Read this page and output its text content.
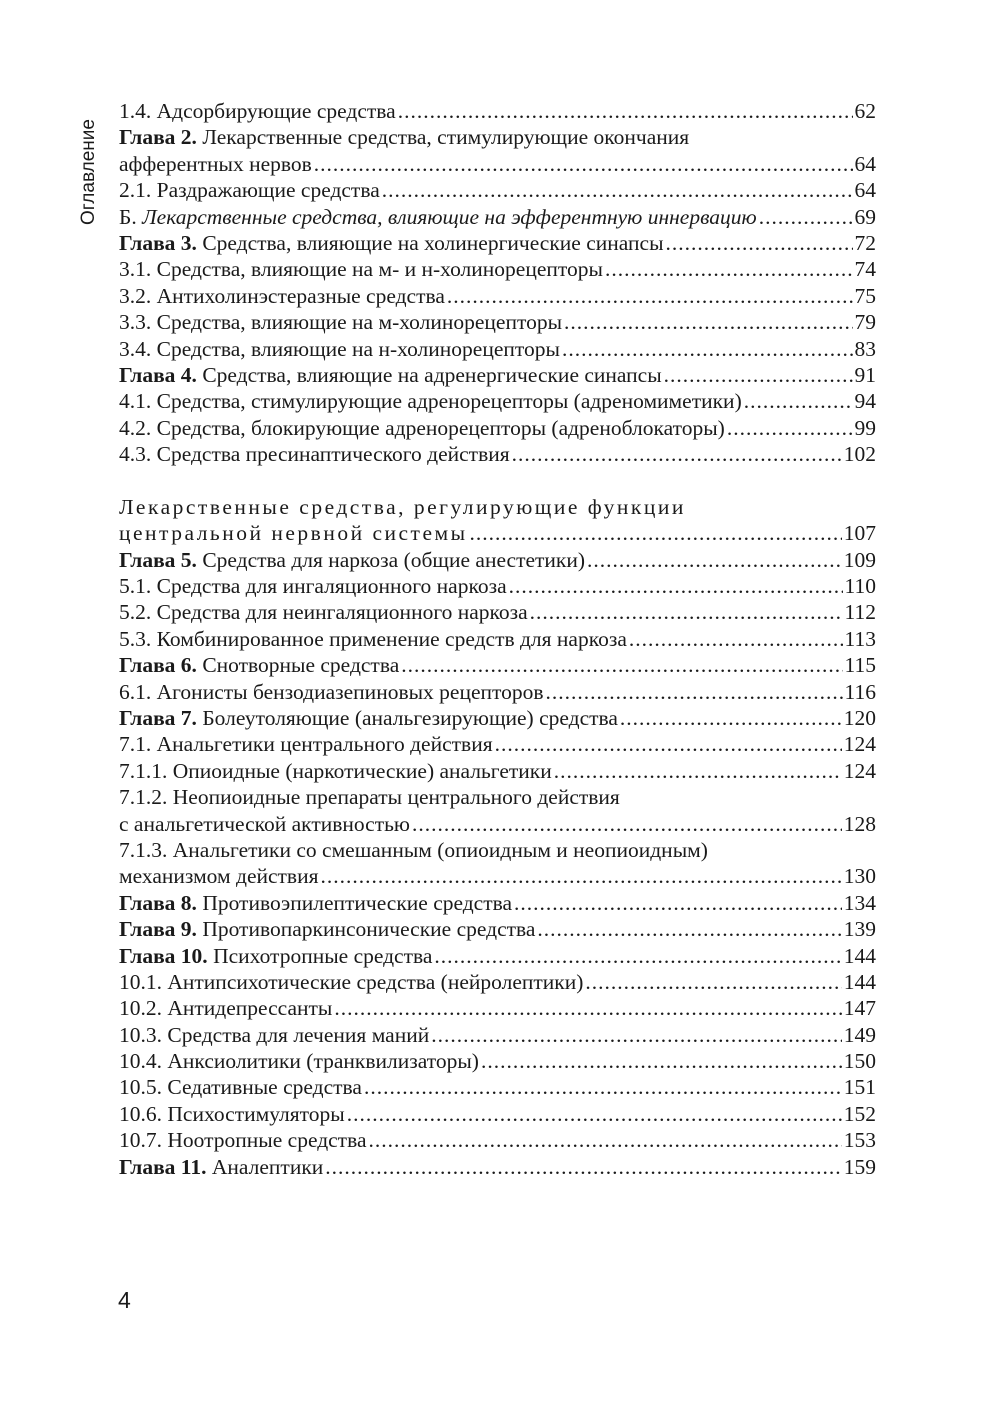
Оглавление
1.4. Адсорбирующие средства .....	62
Глава 2. Лекарственные средства, стимулирующие окончания
афферентных нервов .....	64
2.1. Раздражающие средства .....	64
Б. Лекарственные средства, влияющие на эфферентную иннервацию .....	69
Глава 3. Средства, влияющие на холинергические синапсы .....	72
3.1. Средства, влияющие на м- и н-холинорецепторы .....	74
3.2. Антихолинэстеразные средства .....	75
3.3. Средства, влияющие на м-холинорецепторы .....	79
3.4. Средства, влияющие на н-холинорецепторы .....	83
Глава 4. Средства, влияющие на адренергические синапсы .....	91
4.1. Средства, стимулирующие адренорецепторы (адреномиметики) .....	94
4.2. Средства, блокирующие адренорецепторы (адреноблокаторы) .....	99
4.3. Средства пресинаптического действия .....	102
Лекарственные средства, регулирующие функции
центральной нервной системы .....	107
Глава 5. Средства для наркоза (общие анестетики) .....	109
5.1. Средства для ингаляционного наркоза .....	110
5.2. Средства для неингаляционного наркоза .....	112
5.3. Комбинированное применение средств для наркоза .....	113
Глава 6. Снотворные средства .....	115
6.1. Агонисты бензодиазепиновых рецепторов .....	116
Глава 7. Болеутоляющие (анальгезирующие) средства .....	120
7.1. Анальгетики центрального действия .....	124
7.1.1. Опиоидные (наркотические) анальгетики .....	124
7.1.2. Неопиоидные препараты центрального действия
с анальгетической активностью .....	128
7.1.3. Анальгетики со смешанным (опиоидным и неопиоидным)
механизмом действия .....	130
Глава 8. Противоэпилептические средства .....	134
Глава 9. Противопаркинсонические средства .....	139
Глава 10. Психотропные средства .....	144
10.1. Антипсихотические средства (нейролептики) .....	144
10.2. Антидепрессанты .....	147
10.3. Средства для лечения маний .....	149
10.4. Анксиолитики (транквилизаторы) .....	150
10.5. Седативные средства .....	151
10.6. Психостимуляторы .....	152
10.7. Ноотропные средства .....	153
Глава 11. Аналептики .....	159
4
